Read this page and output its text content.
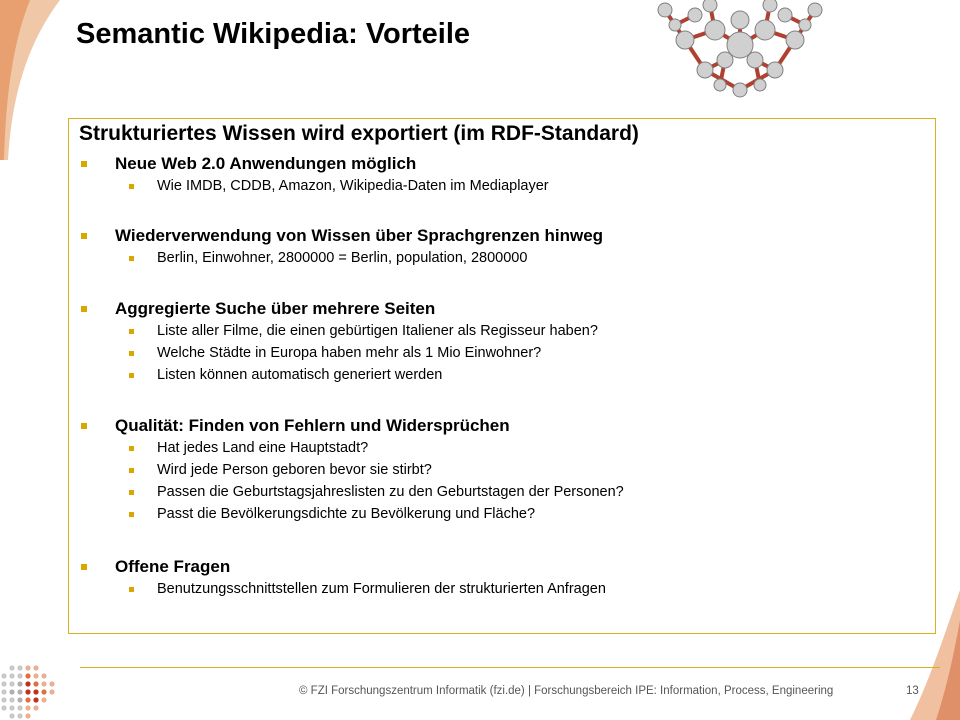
Semantic Wikipedia: Vorteile
Strukturiertes Wissen wird exportiert (im RDF-Standard)
Neue Web 2.0 Anwendungen möglich
Wie IMDB, CDDB, Amazon, Wikipedia-Daten im Mediaplayer
Wiederverwendung von Wissen über Sprachgrenzen hinweg
Berlin, Einwohner, 2800000 = Berlin, population, 2800000
Aggregierte Suche über mehrere Seiten
Liste aller Filme, die einen gebürtigen Italiener als Regisseur haben?
Welche Städte in Europa haben mehr als 1 Mio Einwohner?
Listen können automatisch generiert werden
Qualität: Finden von Fehlern und Widersprüchen
Hat jedes Land eine Hauptstadt?
Wird jede Person geboren bevor sie stirbt?
Passen die Geburtstagsjahreslisten zu den Geburtstagen der Personen?
Passt die Bevölkerungsdichte zu Bevölkerung und Fläche?
Offene Fragen
Benutzungsschnittstellen zum Formulieren der strukturierten Anfragen
© FZI Forschungszentrum Informatik (fzi.de) | Forschungsbereich IPE: Information, Process, Engineering	13
